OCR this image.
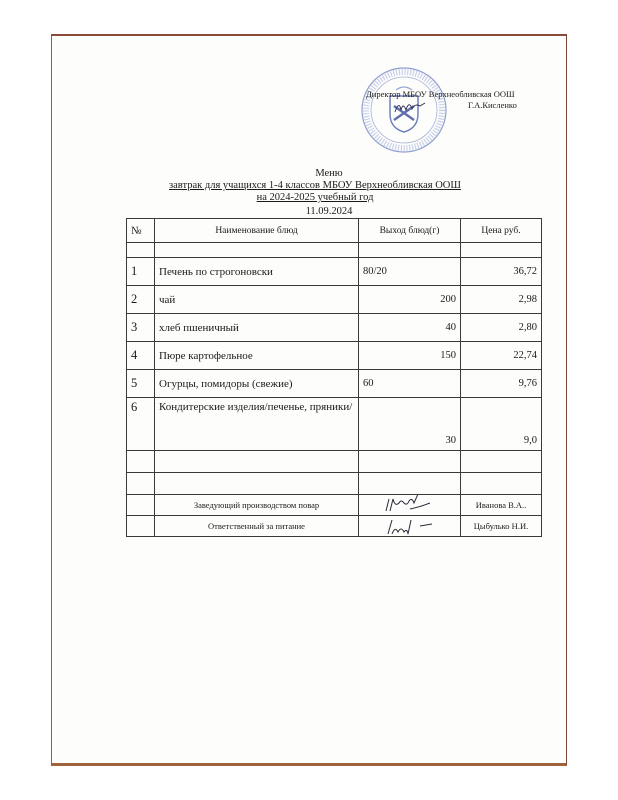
Директор МБОУ Верхнеобливская ООШ
Г.А.Кисленко
Меню
завтрак для учащихся 1-4 классов МБОУ Верхнеобливская ООШ
на 2024-2025 учебный год
11.09.2024
№	Наименование блюд	Выход блюд(г)	Цена руб.

1	Печень по строгоновски	80/20	36,72
2	чай	200	2,98
3	хлеб пшеничный	40	2,80
4	Пюре картофельное	150	22,74
5	Огурцы, помидоры (свежие)	60	9,76
6	Кондитерские изделия/печенье, пряники/	30	9,0

	Заведующий производством повар		Иванова В.А..
	Ответственный за питание		Цыбулько Н.И.
